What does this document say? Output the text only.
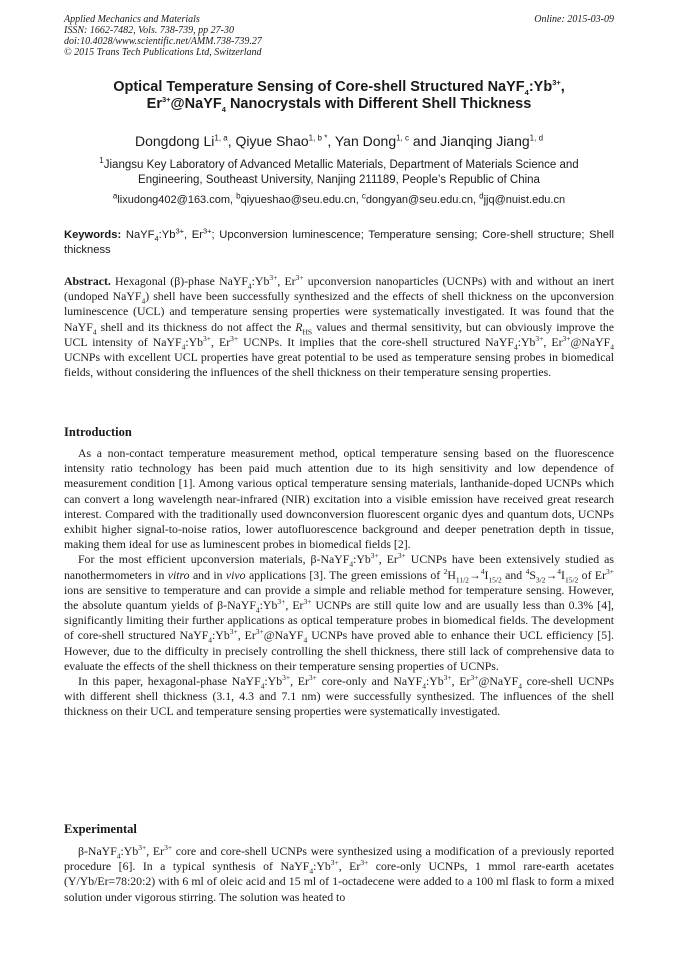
Applied Mechanics and Materials
ISSN: 1662-7482, Vols. 738-739, pp 27-30
doi:10.4028/www.scientific.net/AMM.738-739.27
© 2015 Trans Tech Publications Ltd, Switzerland
Online: 2015-03-09
Optical Temperature Sensing of Core-shell Structured $NaYF_4:Yb^{3+}$,
$Er^{3+}@NaYF_4$ Nanocrystals with Different Shell Thickness
Dongdong Li$^{1, a}$, Qiyue Shao$^{1, b *}$, Yan Dong$^{1, c}$ and Jianqing Jiang$^{1, d}$
$^1$Jiangsu Key Laboratory of Advanced Metallic Materials, Department of Materials Science and
Engineering, Southeast University, Nanjing 211189, People’s Republic of China
$^a$lixudong402@163.com, $^b$qiyueshao@seu.edu.cn, $^c$dongyan@seu.edu.cn, $^d$jjq@nuist.edu.cn
Keywords: $NaYF_4:Yb^{3+}$, $Er^{3+}$; Upconversion luminescence; Temperature sensing; Core-shell structure; Shell thickness

Abstract. Hexagonal (β)-phase $NaYF_4:Yb^{3+}$, $Er^{3+}$ upconversion nanoparticles (UCNPs) with and without an inert (undoped NaYF$_4$) shell have been successfully synthesized and the effects of shell thickness on the upconversion luminescence (UCL) and temperature sensing properties were systematically investigated. It was found that the NaYF$_4$ shell and its thickness do not affect the $R_{HS}$ values and thermal sensitivity, but can obviously improve the UCL intensity of $NaYF_4:Yb^{3+}$, $Er^{3+}$ UCNPs. It implies that the core-shell structured $NaYF_4:Yb^{3+}$, $Er^{3+}@NaYF_4$ UCNPs with excellent UCL properties have great potential to be used as temperature sensing probes in biomedical fields, without considering the influences of the shell thickness on their temperature sensing properties.

Introduction

As a non-contact temperature measurement method, optical temperature sensing based on the fluorescence intensity ratio technology has been paid much attention due to its high sensitivity and low dependence of measurement condition [1]. Among various optical temperature sensing materials, lanthanide-doped UCNPs which can convert a long wavelength near-infrared (NIR) excitation into a visible emission have received great research interest. Compared with the traditionally used downconversion fluorescent organic dyes and quantum dots, UCNPs exhibit higher signal-to-noise ratios, lower autofluorescence background and deeper penetration depth in tissue, making them ideal for use as luminescent probes in biomedical fields [2].

For the most efficient upconversion materials, $\beta-NaYF_4:Yb^{3+}$, $Er^{3+}$ UCNPs have been extensively studied as nanothermometers in vitro and in vivo applications [3]. The green emissions of $^2H_{11/2}\to^4I_{15/2}$ and $^4S_{3/2}\to^4I_{15/2}$ of $Er^{3+}$ ions are sensitive to temperature and can provide a simple and reliable method for temperature sensing. However, the absolute quantum yields of $\beta-NaYF_4:Yb^{3+}$, $Er^{3+}$ UCNPs are still quite low and are usually less than 0.3% [4], significantly limiting their further applications as optical temperature probes in biomedical fields. The development of core-shell structured $NaYF_4:Yb^{3+}$, $Er^{3+}@NaYF_4$ UCNPs have proved able to enhance their UCL efficiency [5]. However, due to the difficulty in precisely controlling the shell thickness, there still lack of comprehensive data to evaluate the effects of the shell thickness on their temperature sensing properties of UCNPs.

In this paper, hexagonal-phase $NaYF_4:Yb^{3+}$, $Er^{3+}$ core-only and $NaYF_4:Yb^{3+}$, $Er^{3+}@NaYF_4$ core-shell UCNPs with different shell thickness (3.1, 4.3 and 7.1 nm) were successfully synthesized. The influences of the shell thickness on their UCL and temperature sensing properties were systematically investigated.

Experimental

$\beta-NaYF_4:Yb^{3+}$, $Er^{3+}$ core and core-shell UCNPs were synthesized using a modification of a previously reported procedure [6]. In a typical synthesis of $NaYF_4:Yb^{3+}$, $Er^{3+}$ core-only UCNPs, 1 mmol rare-earth acetates (Y/Yb/Er=78:20:2) with 6 ml of oleic acid and 15 ml of 1-octadecene were added to a 100 ml flask to form a mixed solution under vigorous stirring. The solution was heated to
